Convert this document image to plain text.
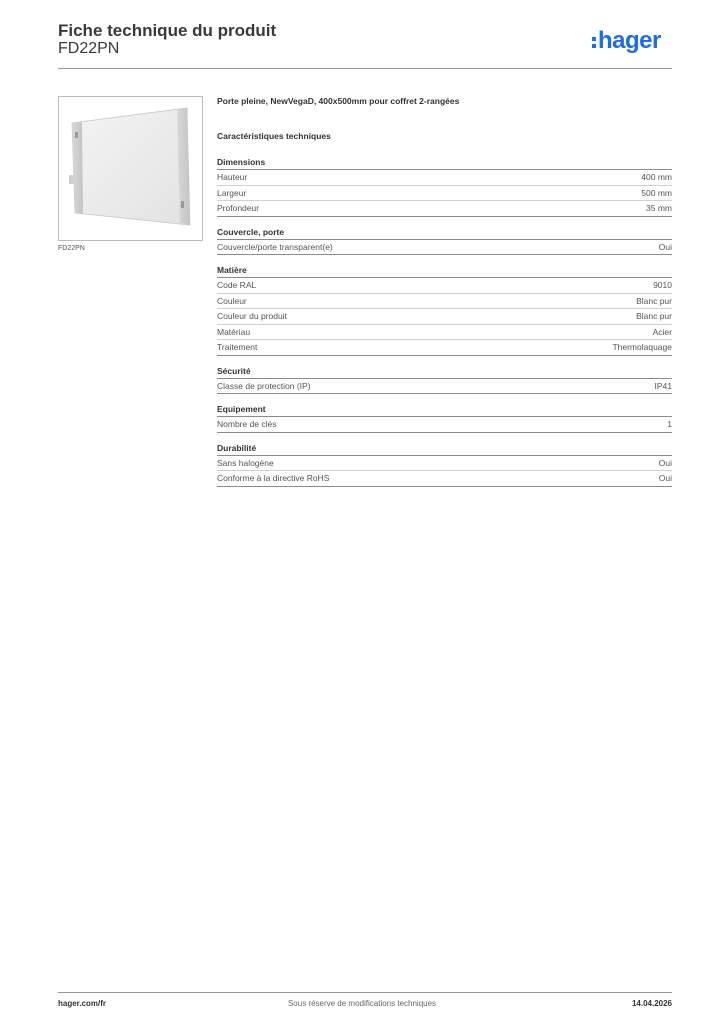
Fiche technique du produit
FD22PN	hager
FD22PN
Porte pleine, NewVegaD, 400x500mm pour coffret 2-rangées
Caractéristiques techniques
Dimensions
Hauteur	400 mm
Largeur	500 mm
Profondeur	35 mm
Couvercle, porte
Couvercle/porte transparent(e)	Oui
Matière
Code RAL	9010
Couleur	Blanc pur
Couleur du produit	Blanc pur
Matériau	Acier
Traitement	Thermolaquage
Sécurité
Classe de protection (IP)	IP41
Equipement
Nombre de clés	1
Durabilité
Sans halogène	Oui
Conforme à la directive RoHS	Oui
hager.com/fr	Sous réserve de modifications techniques	14.04.2026
